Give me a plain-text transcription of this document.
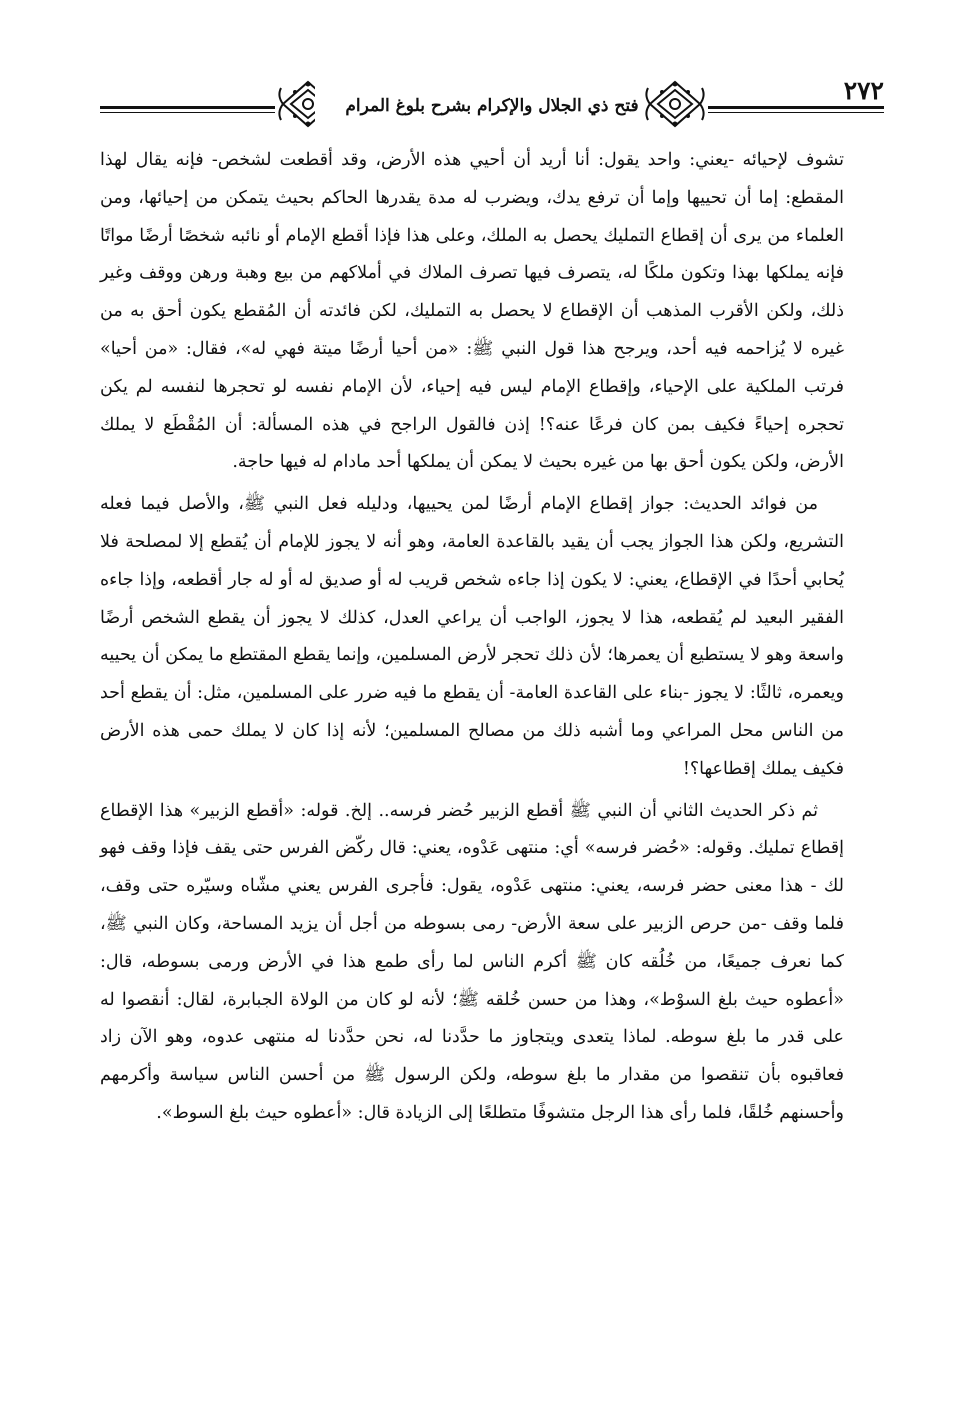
فتح ذي الجلال والإكرام بشرح بلوغ المرام
٢٧٢

تشوف لإحيائه -يعني: واحد يقول: أنا أريد أن أحيي هذه الأرض، وقد أقطعت لشخص- فإنه يقال لهذا المقطع: إما أن تحييها وإما أن ترفع يدك، ويضرب له مدة يقدرها الحاكم بحيث يتمكن من إحيائها، ومن العلماء من يرى أن إقطاع التمليك يحصل به الملك، وعلى هذا فإذا أقطع الإمام أو نائبه شخصًا أرضًا مواتًا فإنه يملكها بهذا وتكون ملكًا له، يتصرف فيها تصرف الملاك في أملاكهم من بيع وهبة ورهن ووقف وغير ذلك، ولكن الأقرب المذهب أن الإقطاع لا يحصل به التمليك، لكن فائدته أن المُقطع يكون أحق به من غيره لا يُزاحمه فيه أحد، ويرجح هذا قول النبي ﷺ: «من أحيا أرضًا ميتة فهي له»، فقال: «من أحيا» فرتب الملكية على الإحياء، وإقطاع الإمام ليس فيه إحياء، لأن الإمام نفسه لو تحجرها لنفسه لم يكن تحجره إحياءً فكيف بمن كان فرعًا عنه؟! إذن فالقول الراجح في هذه المسألة: أن المُقْطَع لا يملك الأرض، ولكن يكون أحق بها من غيره بحيث لا يمكن أن يملكها أحد مادام له فيها حاجة.

من فوائد الحديث: جواز إقطاع الإمام أرضًا لمن يحييها، ودليله فعل النبي ﷺ، والأصل فيما فعله التشريع، ولكن هذا الجواز يجب أن يقيد بالقاعدة العامة، وهو أنه لا يجوز للإمام أن يُقطع إلا لمصلحة فلا يُحابي أحدًا في الإقطاع، يعني: لا يكون إذا جاءه شخص قريب له أو صديق له أو له جار أقطعه، وإذا جاءه الفقير البعيد لم يُقطعه، هذا لا يجوز، الواجب أن يراعي العدل، كذلك لا يجوز أن يقطع الشخص أرضًا واسعة وهو لا يستطيع أن يعمرها؛ لأن ذلك تحجر لأرض المسلمين، وإنما يقطع المقتطع ما يمكن أن يحييه ويعمره، ثالثًا: لا يجوز -بناء على القاعدة العامة- أن يقطع ما فيه ضرر على المسلمين، مثل: أن يقطع أحد من الناس محل المراعي وما أشبه ذلك من مصالح المسلمين؛ لأنه إذا كان لا يملك حمى هذه الأرض فكيف يملك إقطاعها؟!

ثم ذكر الحديث الثاني أن النبي ﷺ أقطع الزبير حُضر فرسه.. إلخ. قوله: «أقطع الزبير» هذا الإقطاع إقطاع تمليك. وقوله: «حُضر فرسه» أي: منتهى عَدْوه، يعني: قال ركّض الفرس حتى يقف فإذا وقف فهو لك - هذا معنى حضر فرسه، يعني: منتهى عَدْوه، يقول: فأجرى الفرس يعني مشّاه وسيّره حتى وقف، فلما وقف -من حرص الزبير على سعة الأرض- رمى بسوطه من أجل أن يزيد المساحة، وكان النبي ﷺ، كما نعرف جميعًا، من خُلُقه كان ﷺ أكرم الناس لما رأى طمع هذا في الأرض ورمى بسوطه، قال: «أعطوه حيث بلغ السوْط»، وهذا من حسن خُلقه ﷺ؛ لأنه لو كان من الولاة الجبابرة، لقال: أنقصوا له على قدر ما بلغ سوطه. لماذا يتعدى ويتجاوز ما حدَّدنا له، نحن حدَّدنا له منتهى عدوه، وهو الآن زاد فعاقبوه بأن تنقصوا من مقدار ما بلغ سوطه، ولكن الرسول ﷺ من أحسن الناس سياسة وأكرمهم وأحسنهم خُلقًا، فلما رأى هذا الرجل متشوفًا متطلعًا إلى الزيادة قال: «أعطوه حيث بلغ السوط».
